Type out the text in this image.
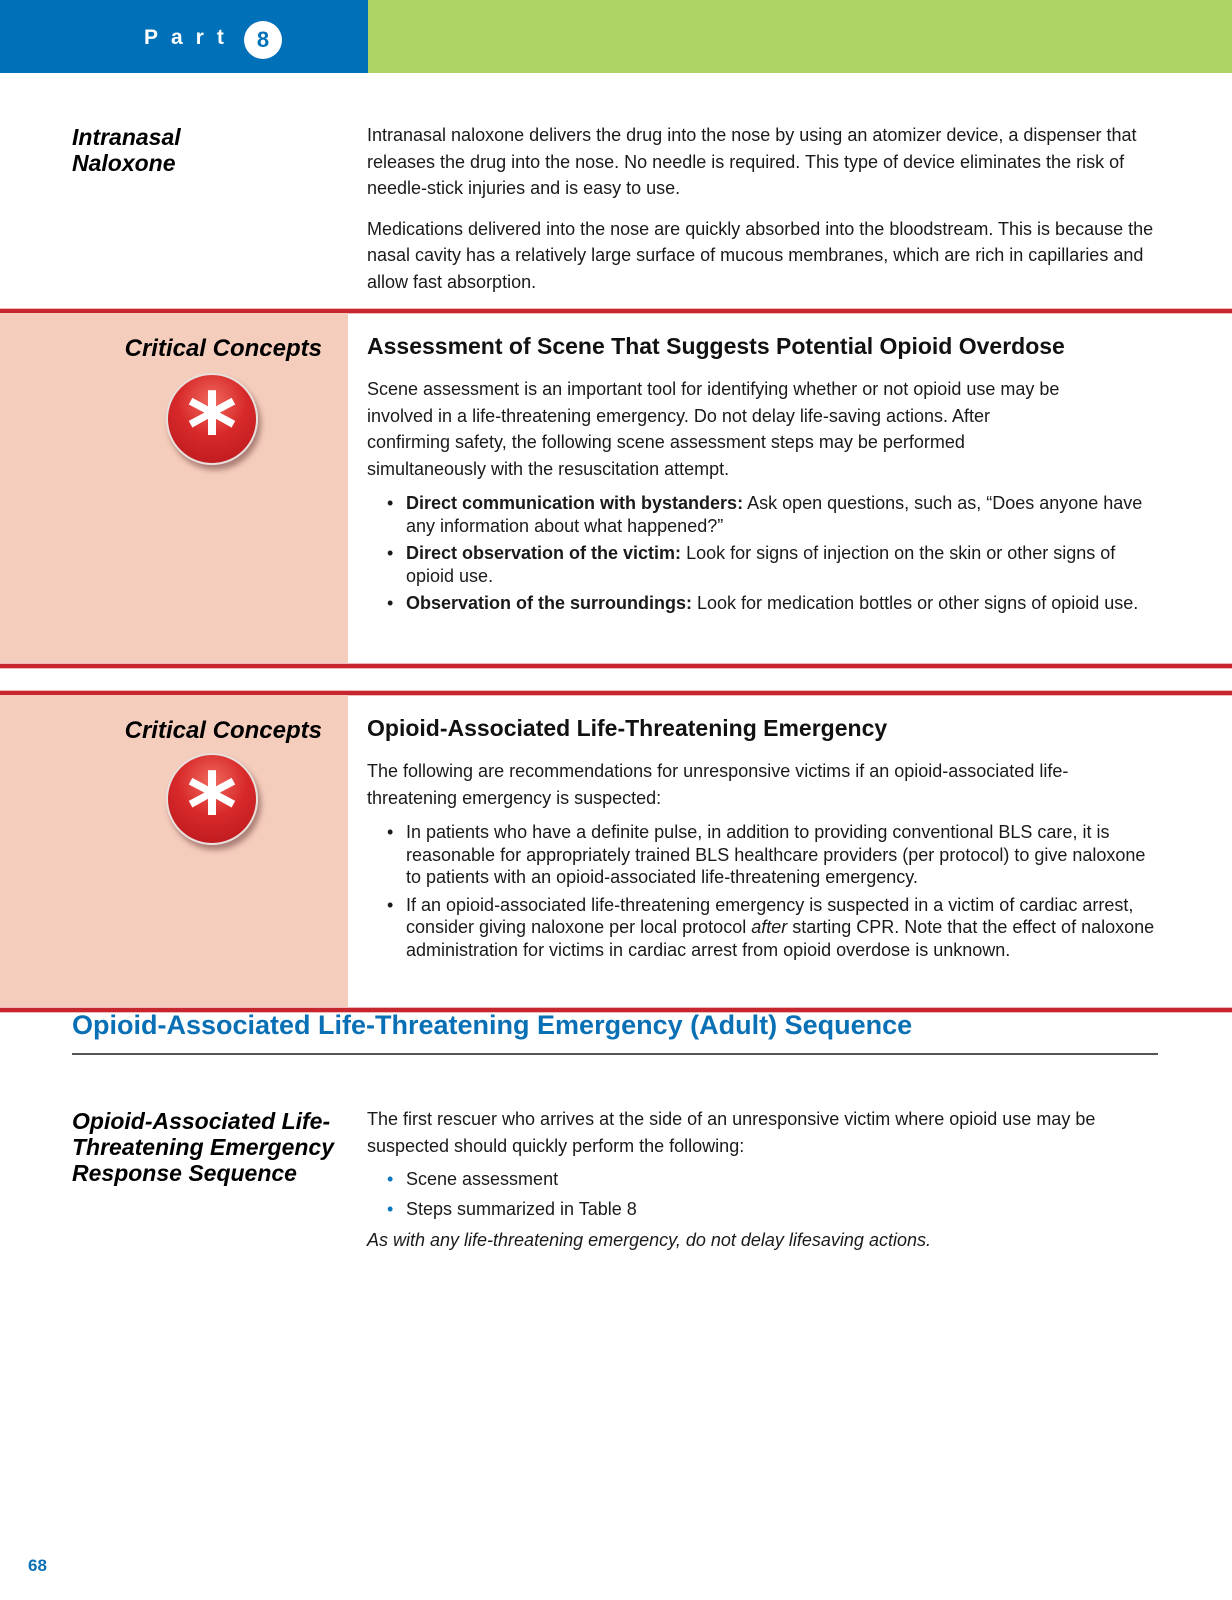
Part 8
Intranasal Naloxone

Intranasal naloxone delivers the drug into the nose by using an atomizer device, a dispenser that releases the drug into the nose. No needle is required. This type of device eliminates the risk of needle-stick injuries and is easy to use.

Medications delivered into the nose are quickly absorbed into the bloodstream. This is because the nasal cavity has a relatively large surface of mucous membranes, which are rich in capillaries and allow fast absorption.

Critical Concepts
*
Assessment of Scene That Suggests Potential Opioid Overdose

Scene assessment is an important tool for identifying whether or not opioid use may be involved in a life-threatening emergency. Do not delay life-saving actions. After confirming safety, the following scene assessment steps may be performed simultaneously with the resuscitation attempt.

• Direct communication with bystanders: Ask open questions, such as, “Does anyone have any information about what happened?”
• Direct observation of the victim: Look for signs of injection on the skin or other signs of opioid use.
• Observation of the surroundings: Look for medication bottles or other signs of opioid use.
Critical Concepts
*
Opioid-Associated Life-Threatening Emergency

The following are recommendations for unresponsive victims if an opioid-associated life-threatening emergency is suspected:

• In patients who have a definite pulse, in addition to providing conventional BLS care, it is reasonable for appropriately trained BLS healthcare providers (per protocol) to give naloxone to patients with an opioid-associated life-threatening emergency.
• If an opioid-associated life-threatening emergency is suspected in a victim of cardiac arrest, consider giving naloxone per local protocol after starting CPR. Note that the effect of naloxone administration for victims in cardiac arrest from opioid overdose is unknown.
Opioid-Associated Life-Threatening Emergency (Adult) Sequence
Opioid-Associated Life-Threatening Emergency Response Sequence

The first rescuer who arrives at the side of an unresponsive victim where opioid use may be suspected should quickly perform the following:

• Scene assessment
• Steps summarized in Table 8

As with any life-threatening emergency, do not delay lifesaving actions.

68
